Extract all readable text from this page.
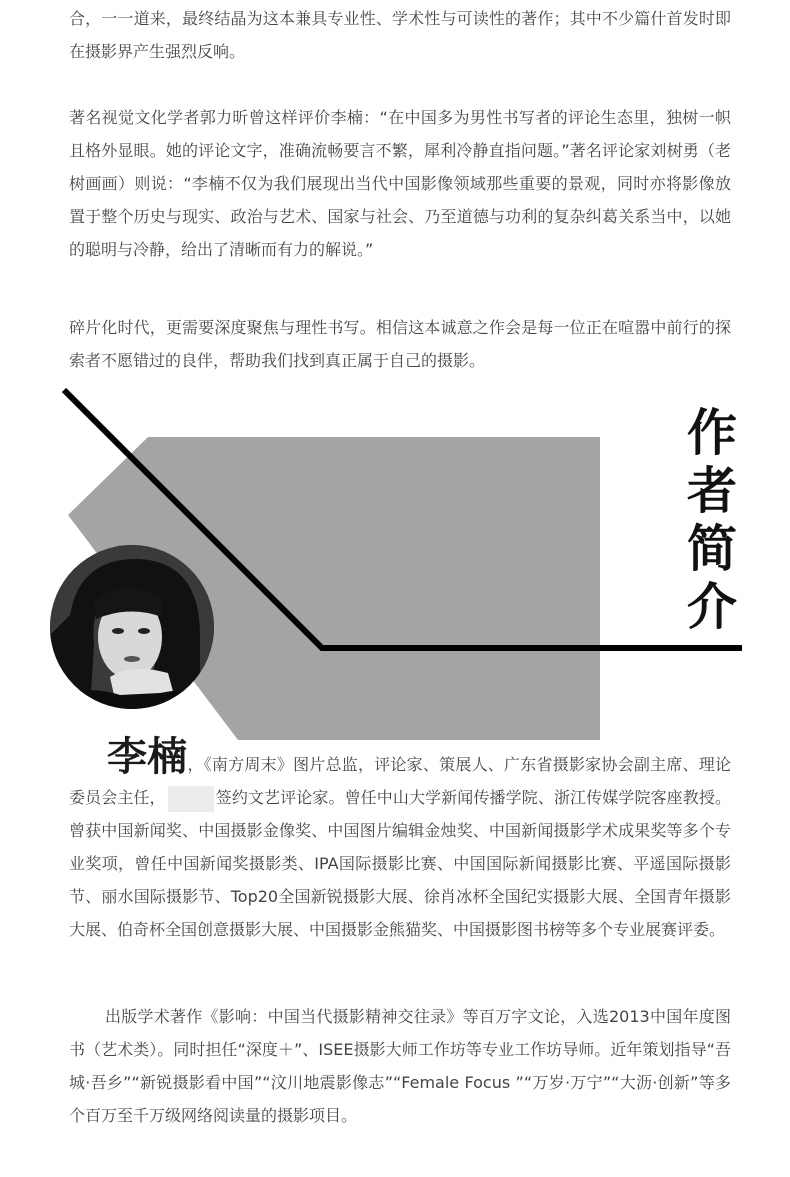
合，一一道来，最终结晶为这本兼具专业性、学术性与可读性的著作；其中不少篇什首发时即在摄影界产生强烈反响。

著名视觉文化学者郭力昕曾这样评价李楠：“在中国多为男性书写者的评论生态里，独树一帜且格外显眼。她的评论文字，准确流畅要言不繁，犀利冷静直指问题。”著名评论家刘树勇（老树画画）则说：“李楠不仅为我们展现出当代中国影像领域那些重要的景观，同时亦将影像放置于整个历史与现实、政治与艺术、国家与社会、乃至道德与功利的复杂纠葛关系当中，以她的聪明与冷静，给出了清晰而有力的解说。”

碎片化时代，更需要深度聚焦与理性书写。相信这本诚意之作会是每一位正在喧嚣中前行的探索者不愿错过的良伴，帮助我们找到真正属于自己的摄影。

作
者
简
介

李楠，《南方周末》图片总监，评论家、策展人、广东省摄影家协会副主席、理论委员会主任，	签约文艺评论家。曾任中山大学新闻传播学院、浙江传媒学院客座教授。曾获中国新闻奖、中国摄影金像奖、中国图片编辑金烛奖、中国新闻摄影学术成果奖等多个专业奖项，曾任中国新闻奖摄影类、IPA国际摄影比赛、中国国际新闻摄影比赛、平遥国际摄影节、丽水国际摄影节、Top20全国新锐摄影大展、徐肖冰杯全国纪实摄影大展、全国青年摄影大展、伯奇杯全国创意摄影大展、中国摄影金熊猫奖、中国摄影图书榜等多个专业展赛评委。

出版学术著作《影响：中国当代摄影精神交往录》等百万字文论，入选2013中国年度图书（艺术类）。同时担任“深度＋”、ISEE摄影大师工作坊等专业工作坊导师。近年策划指导“吾城·吾乡”“新锐摄影看中国”“汶川地震影像志”“Female Focus ”“万岁·万宁”“大沥·创新”等多个百万至千万级网络阅读量的摄影项目。
